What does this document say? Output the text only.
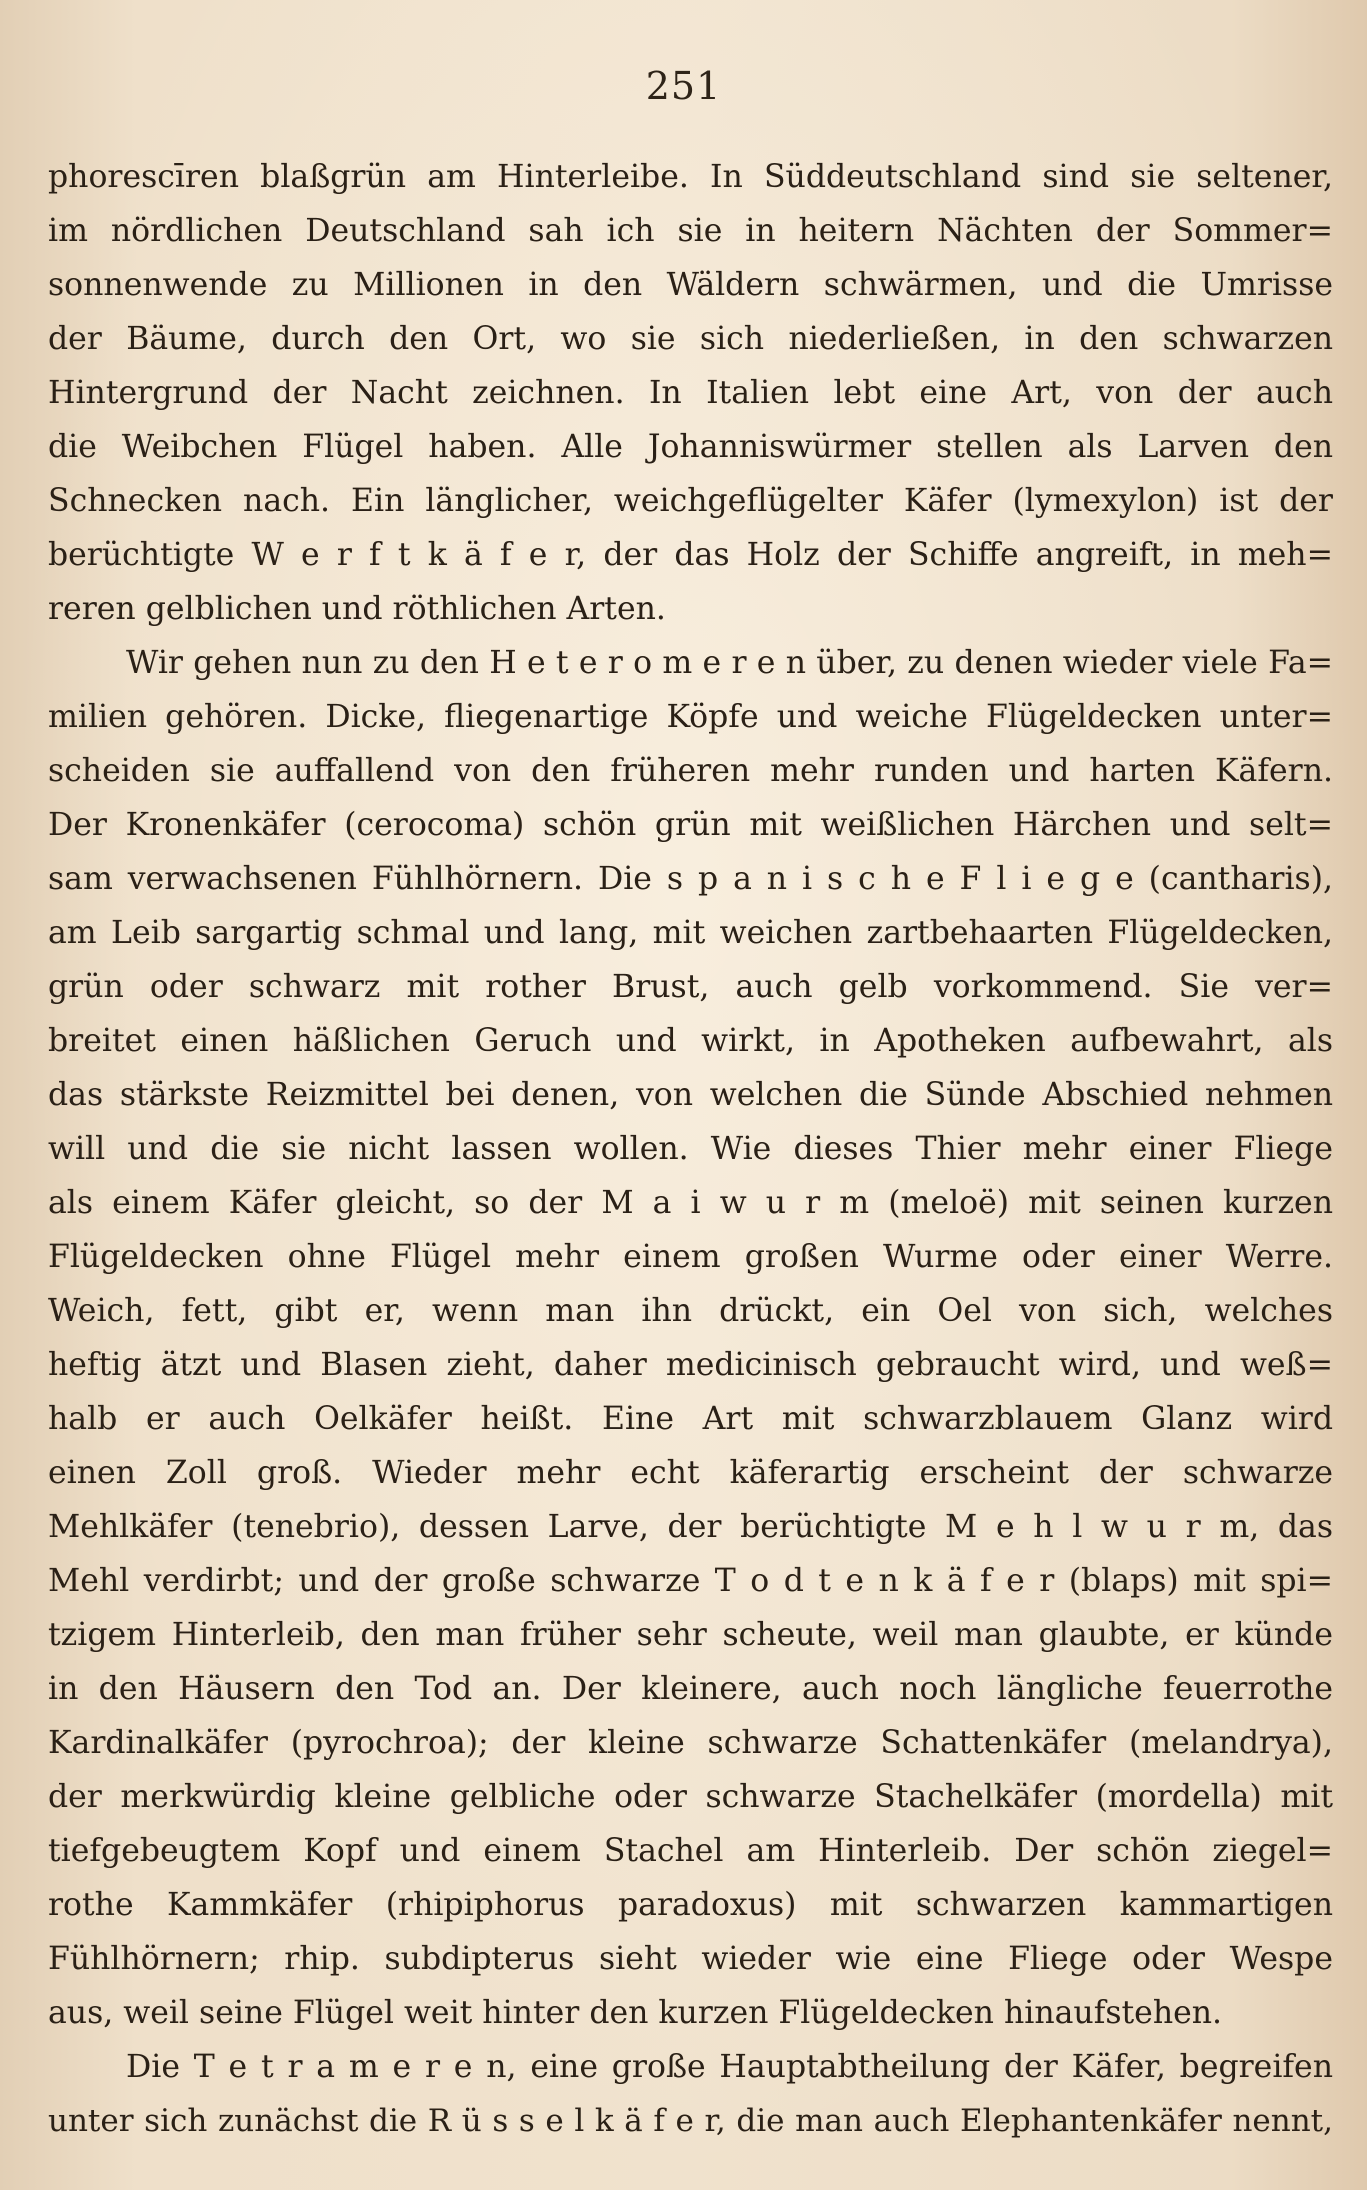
251
phorescīren blaßgrün am Hinterleibe. In Süddeutschland sind sie seltener,
im nördlichen Deutschland sah ich sie in heitern Nächten der Sommer=
sonnenwende zu Millionen in den Wäldern schwärmen, und die Umrisse
der Bäume, durch den Ort, wo sie sich niederließen, in den schwarzen
Hintergrund der Nacht zeichnen. In Italien lebt eine Art, von der auch
die Weibchen Flügel haben. Alle Johanniswürmer stellen als Larven den
Schnecken nach. Ein länglicher, weichgeflügelter Käfer (lymexylon) ist der
berüchtigte W e r f t k ä f e r, der das Holz der Schiffe angreift, in meh=
reren gelblichen und röthlichen Arten.
Wir gehen nun zu den H e t e r o m e r e n über, zu denen wieder viele Fa=
milien gehören. Dicke, fliegenartige Köpfe und weiche Flügeldecken unter=
scheiden sie auffallend von den früheren mehr runden und harten Käfern.
Der Kronenkäfer (cerocoma) schön grün mit weißlichen Härchen und selt=
sam verwachsenen Fühlhörnern. Die s p a n i s c h e F l i e g e (cantharis),
am Leib sargartig schmal und lang, mit weichen zartbehaarten Flügeldecken,
grün oder schwarz mit rother Brust, auch gelb vorkommend. Sie ver=
breitet einen häßlichen Geruch und wirkt, in Apotheken aufbewahrt, als
das stärkste Reizmittel bei denen, von welchen die Sünde Abschied nehmen
will und die sie nicht lassen wollen. Wie dieses Thier mehr einer Fliege
als einem Käfer gleicht, so der M a i w u r m (meloë) mit seinen kurzen
Flügeldecken ohne Flügel mehr einem großen Wurme oder einer Werre.
Weich, fett, gibt er, wenn man ihn drückt, ein Oel von sich, welches
heftig ätzt und Blasen zieht, daher medicinisch gebraucht wird, und weß=
halb er auch Oelkäfer heißt. Eine Art mit schwarzblauem Glanz wird
einen Zoll groß. Wieder mehr echt käferartig erscheint der schwarze
Mehlkäfer (tenebrio), dessen Larve, der berüchtigte M e h l w u r m, das
Mehl verdirbt; und der große schwarze T o d t e n k ä f e r (blaps) mit spi=
tzigem Hinterleib, den man früher sehr scheute, weil man glaubte, er künde
in den Häusern den Tod an. Der kleinere, auch noch längliche feuerrothe
Kardinalkäfer (pyrochroa); der kleine schwarze Schattenkäfer (melandrya),
der merkwürdig kleine gelbliche oder schwarze Stachelkäfer (mordella) mit
tiefgebeugtem Kopf und einem Stachel am Hinterleib. Der schön ziegel=
rothe Kammkäfer (rhipiphorus paradoxus) mit schwarzen kammartigen
Fühlhörnern; rhip. subdipterus sieht wieder wie eine Fliege oder Wespe
aus, weil seine Flügel weit hinter den kurzen Flügeldecken hinaufstehen.
Die T e t r a m e r e n, eine große Hauptabtheilung der Käfer, begreifen
unter sich zunächst die R ü s s e l k ä f e r, die man auch Elephantenkäfer nennt,
